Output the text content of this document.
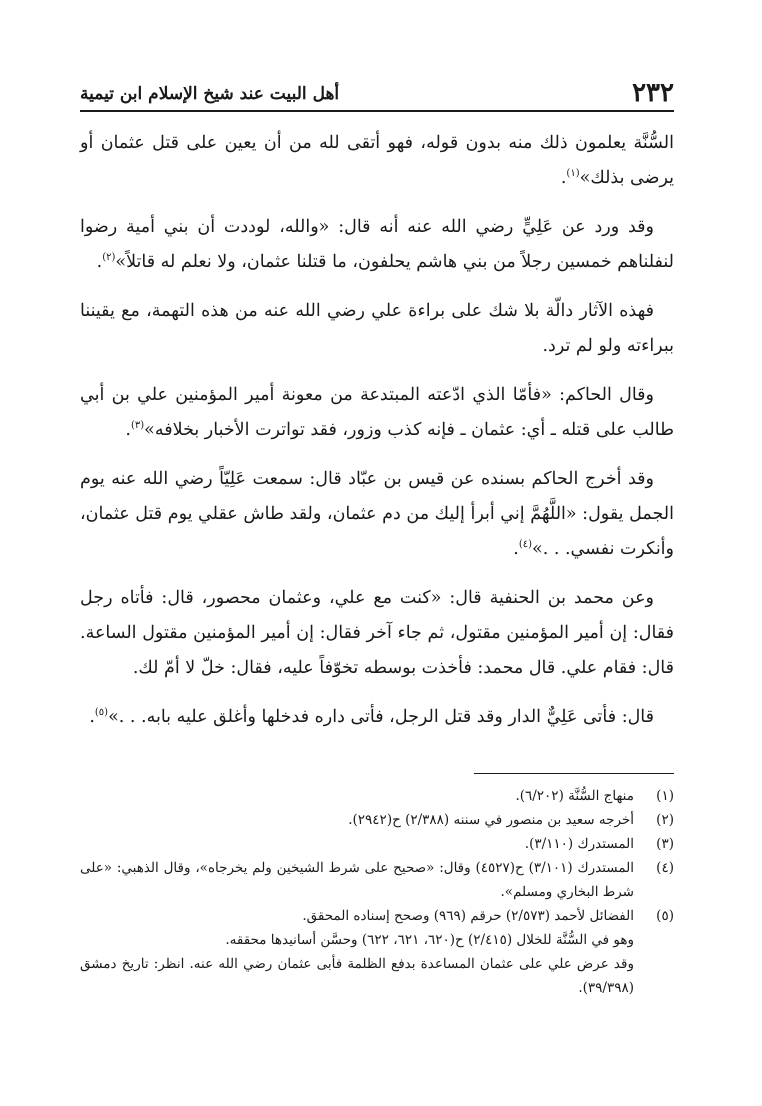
٢٣٢
أهل البيت عند شيخ الإسلام ابن تيمية

السُّنَّة يعلمون ذلك منه بدون قوله، فهو أتقى لله من أن يعين على قتل عثمان أو يرضى بذلك»$^{(١)}$.

وقد ورد عن عَلِيٍّ رضي الله عنه أنه قال: «والله، لوددت أن بني أمية رضوا لنفلناهم خمسين رجلاً من بني هاشم يحلفون، ما قتلنا عثمان، ولا نعلم له قاتلاً»$^{(٢)}$.

فهذه الآثار دالّة بلا شك على براءة علي رضي الله عنه من هذه التهمة، مع يقيننا ببراءته ولو لم ترد.

وقال الحاكم: «فأمّا الذي ادّعته المبتدعة من معونة أمير المؤمنين علي بن أبي طالب على قتله ـ أي: عثمان ـ فإنه كذب وزور، فقد تواترت الأخبار بخلافه»$^{(٣)}$.

وقد أخرج الحاكم بسنده عن قيس بن عبّاد قال: سمعت عَلِيّاً رضي الله عنه يوم الجمل يقول: «اللَّهُمَّ إني أبرأ إليك من دم عثمان، ولقد طاش عقلي يوم قتل عثمان، وأنكرت نفسي. . .»$^{(٤)}$.

وعن محمد بن الحنفية قال: «كنت مع علي، وعثمان محصور، قال: فأتاه رجل فقال: إن أمير المؤمنين مقتول، ثم جاء آخر فقال: إن أمير المؤمنين مقتول الساعة. قال: فقام علي. قال محمد: فأخذت بوسطه تخوّفاً عليه، فقال: خلّ لا أمّ لك.

قال: فأتى عَلِيٌّ الدار وقد قتل الرجل، فأتى داره فدخلها وأغلق عليه بابه. . .»$^{(٥)}$.

(١)
منهاج السُّنَّة (٦/٢٠٢).
(٢)
أخرجه سعيد بن منصور في سننه (٢/٣٨٨) ح(٢٩٤٢).
(٣)
المستدرك (٣/١١٠).
(٤)
المستدرك (٣/١٠١) ح(٤٥٢٧) وقال: «صحيح على شرط الشيخين ولم يخرجاه»، وقال الذهبي: «على شرط البخاري ومسلم».
(٥)
الفضائل لأحمد (٢/٥٧٣) حرقم (٩٦٩) وصحح إسناده المحقق.
وهو في السُّنَّة للخلال (٢/٤١٥) ح(٦٢٠، ٦٢١، ٦٢٢) وحسَّن أسانيدها محققه.
وقد عرض علي على عثمان المساعدة بدفع الظلمة فأبى عثمان رضي الله عنه. انظر: تاريخ دمشق (٣٩/٣٩٨).
